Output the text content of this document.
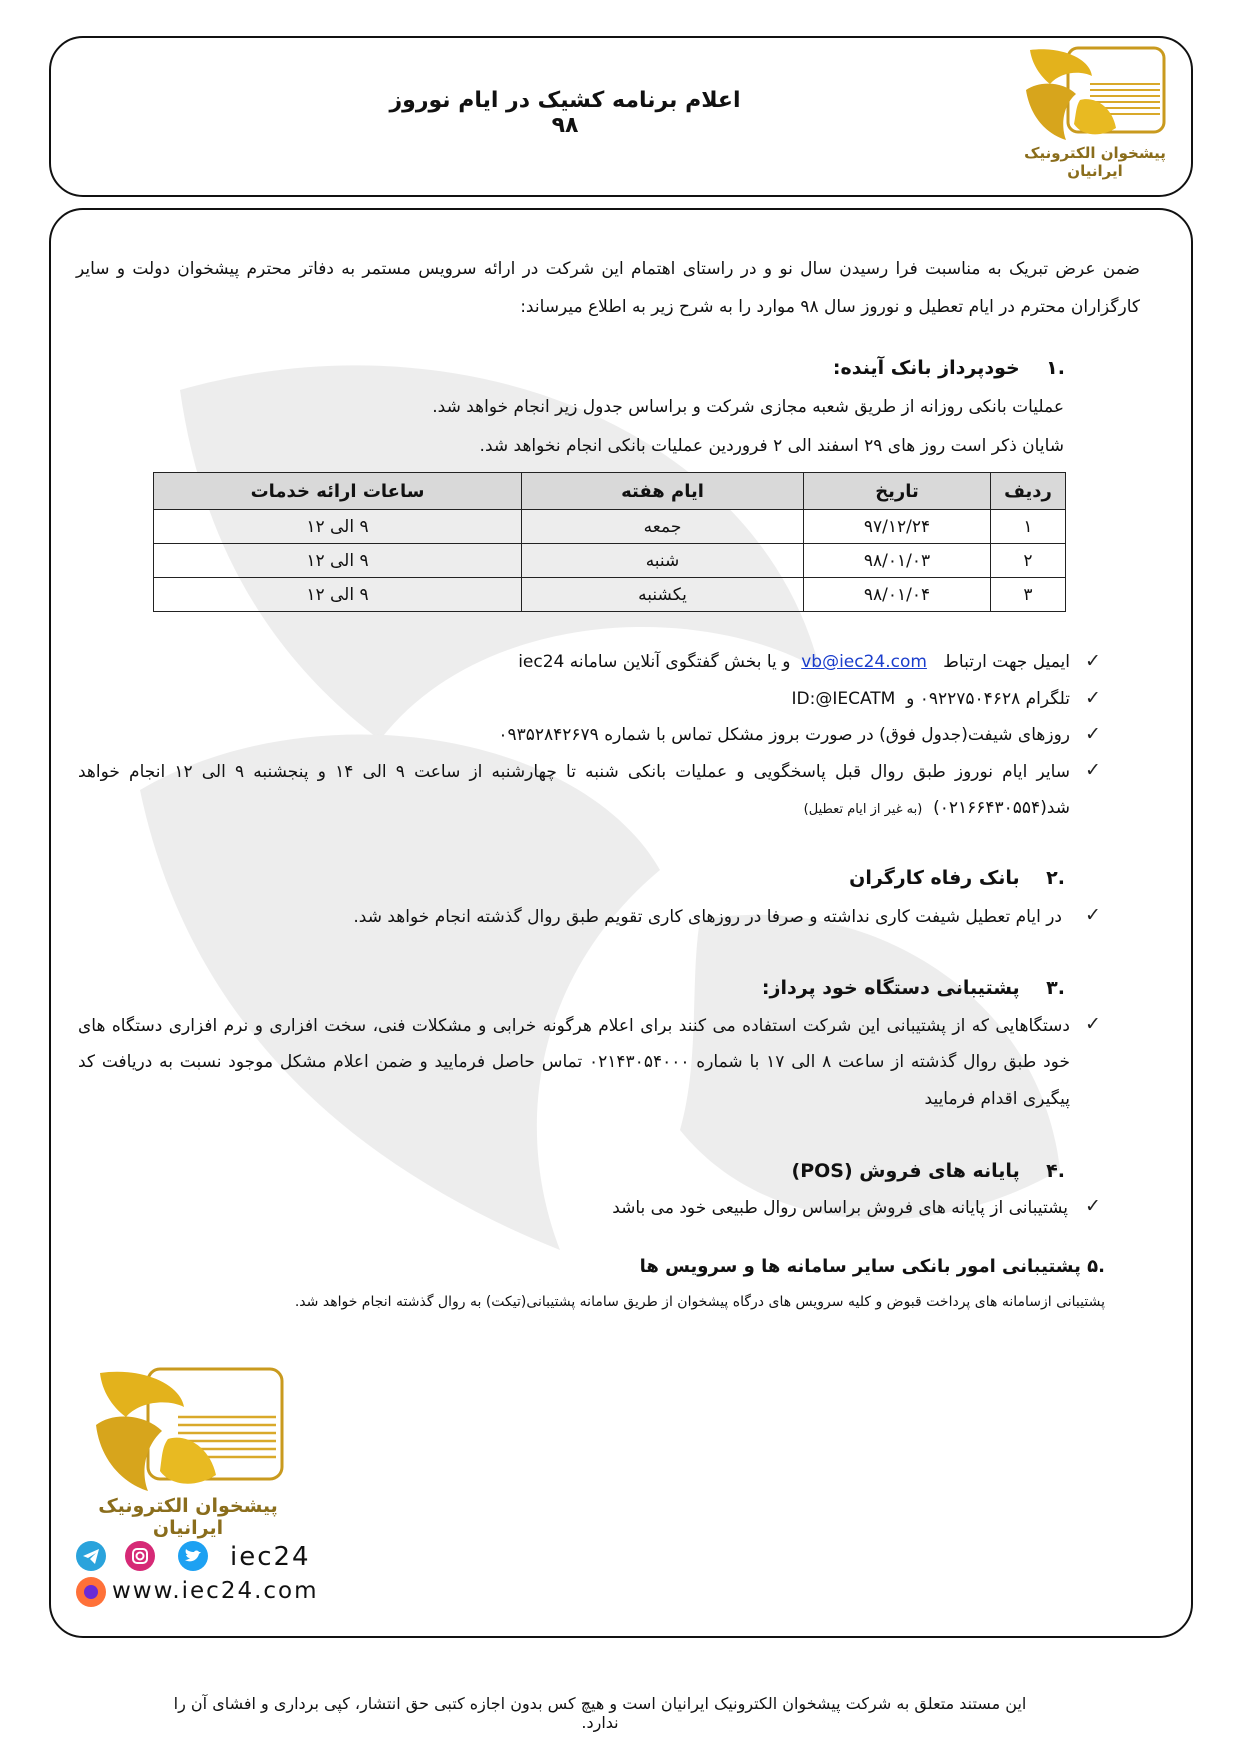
پیشخوان الکترونیک ایرانیان
اعلام برنامه کشیک در ایام نوروز ۹۸
ضمن عرض تبریک به مناسبت فرا رسیدن سال نو و در راستای اهتمام این شرکت در ارائه سرویس مستمر به دفاتر محترم پیشخوان دولت و سایر
کارگزاران محترم در ایام تعطیل و نوروز سال ۹۸ موارد را به شرح زیر به اطلاع میرساند:
.۱    خودپرداز بانک آینده:
عملیات بانکی روزانه از طریق شعبه مجازی شرکت و براساس جدول زیر انجام خواهد شد.
شایان ذکر است روز های ۲۹ اسفند الی ۲ فروردین عملیات بانکی انجام نخواهد شد.
ردیف	تاریخ	ایام هفته	ساعات ارائه خدمات
۱	۹۷/۱۲/۲۴	جمعه	۹ الی ۱۲
۲	۹۸/۰۱/۰۳	شنبه	۹ الی ۱۲
۳	۹۸/۰۱/۰۴	یکشنبه	۹ الی ۱۲
✓
ایمیل جهت ارتباط   vb@iec24.com  و یا بخش گفتگوی آنلاین سامانه iec24
✓
تلگرام ۰۹۲۲۷۵۰۴۶۲۸ و  ID:@IECATM
✓
روزهای شیفت(جدول فوق) در صورت بروز مشکل تماس با شماره ۰۹۳۵۲۸۴۲۶۷۹
✓
سایر ایام نوروز طبق روال قبل پاسخگویی و عملیات بانکی شنبه تا چهارشنبه از ساعت ۹ الی ۱۴ و پنجشنبه ۹ الی ۱۲ انجام خواهد
شد(۰۲۱۶۶۴۳۰۵۵۴)  (به غیر از ایام تعطیل)
.۲    بانک رفاه کارگران
✓
در ایام تعطیل شیفت کاری نداشته و صرفا در روزهای کاری تقویم طبق روال گذشته انجام خواهد شد.
.۳    پشتیبانی دستگاه خود پرداز:
✓
دستگاهایی که از پشتیبانی این شرکت استفاده می کنند برای اعلام هرگونه خرابی و مشکلات فنی، سخت افزاری و نرم افزاری دستگاه های
خود طبق روال گذشته از ساعت ۸ الی ۱۷ با شماره ۰۲۱۴۳۰۵۴۰۰۰ تماس حاصل فرمایید و ضمن اعلام مشکل موجود نسبت به دریافت کد
پیگیری اقدام فرمایید
.۴    پایانه های فروش (POS)
✓
پشتیبانی از پایانه های فروش براساس روال طبیعی خود می باشد
.۵ پشتیبانی امور بانکی سایر سامانه ها و سرویس ها
پشتیبانی ازسامانه های پرداخت قبوض و کلیه سرویس های درگاه پیشخوان از طریق سامانه پشتیبانی(تیکت) به روال گذشته انجام خواهد شد.
پیشخوان الکترونیک ایرانیان
iec24
www.iec24.com
این مستند متعلق به شرکت پیشخوان الکترونیک ایرانیان است و هیچ کس بدون اجازه کتبی حق انتشار، کپی برداری و افشای آن را ندارد.
